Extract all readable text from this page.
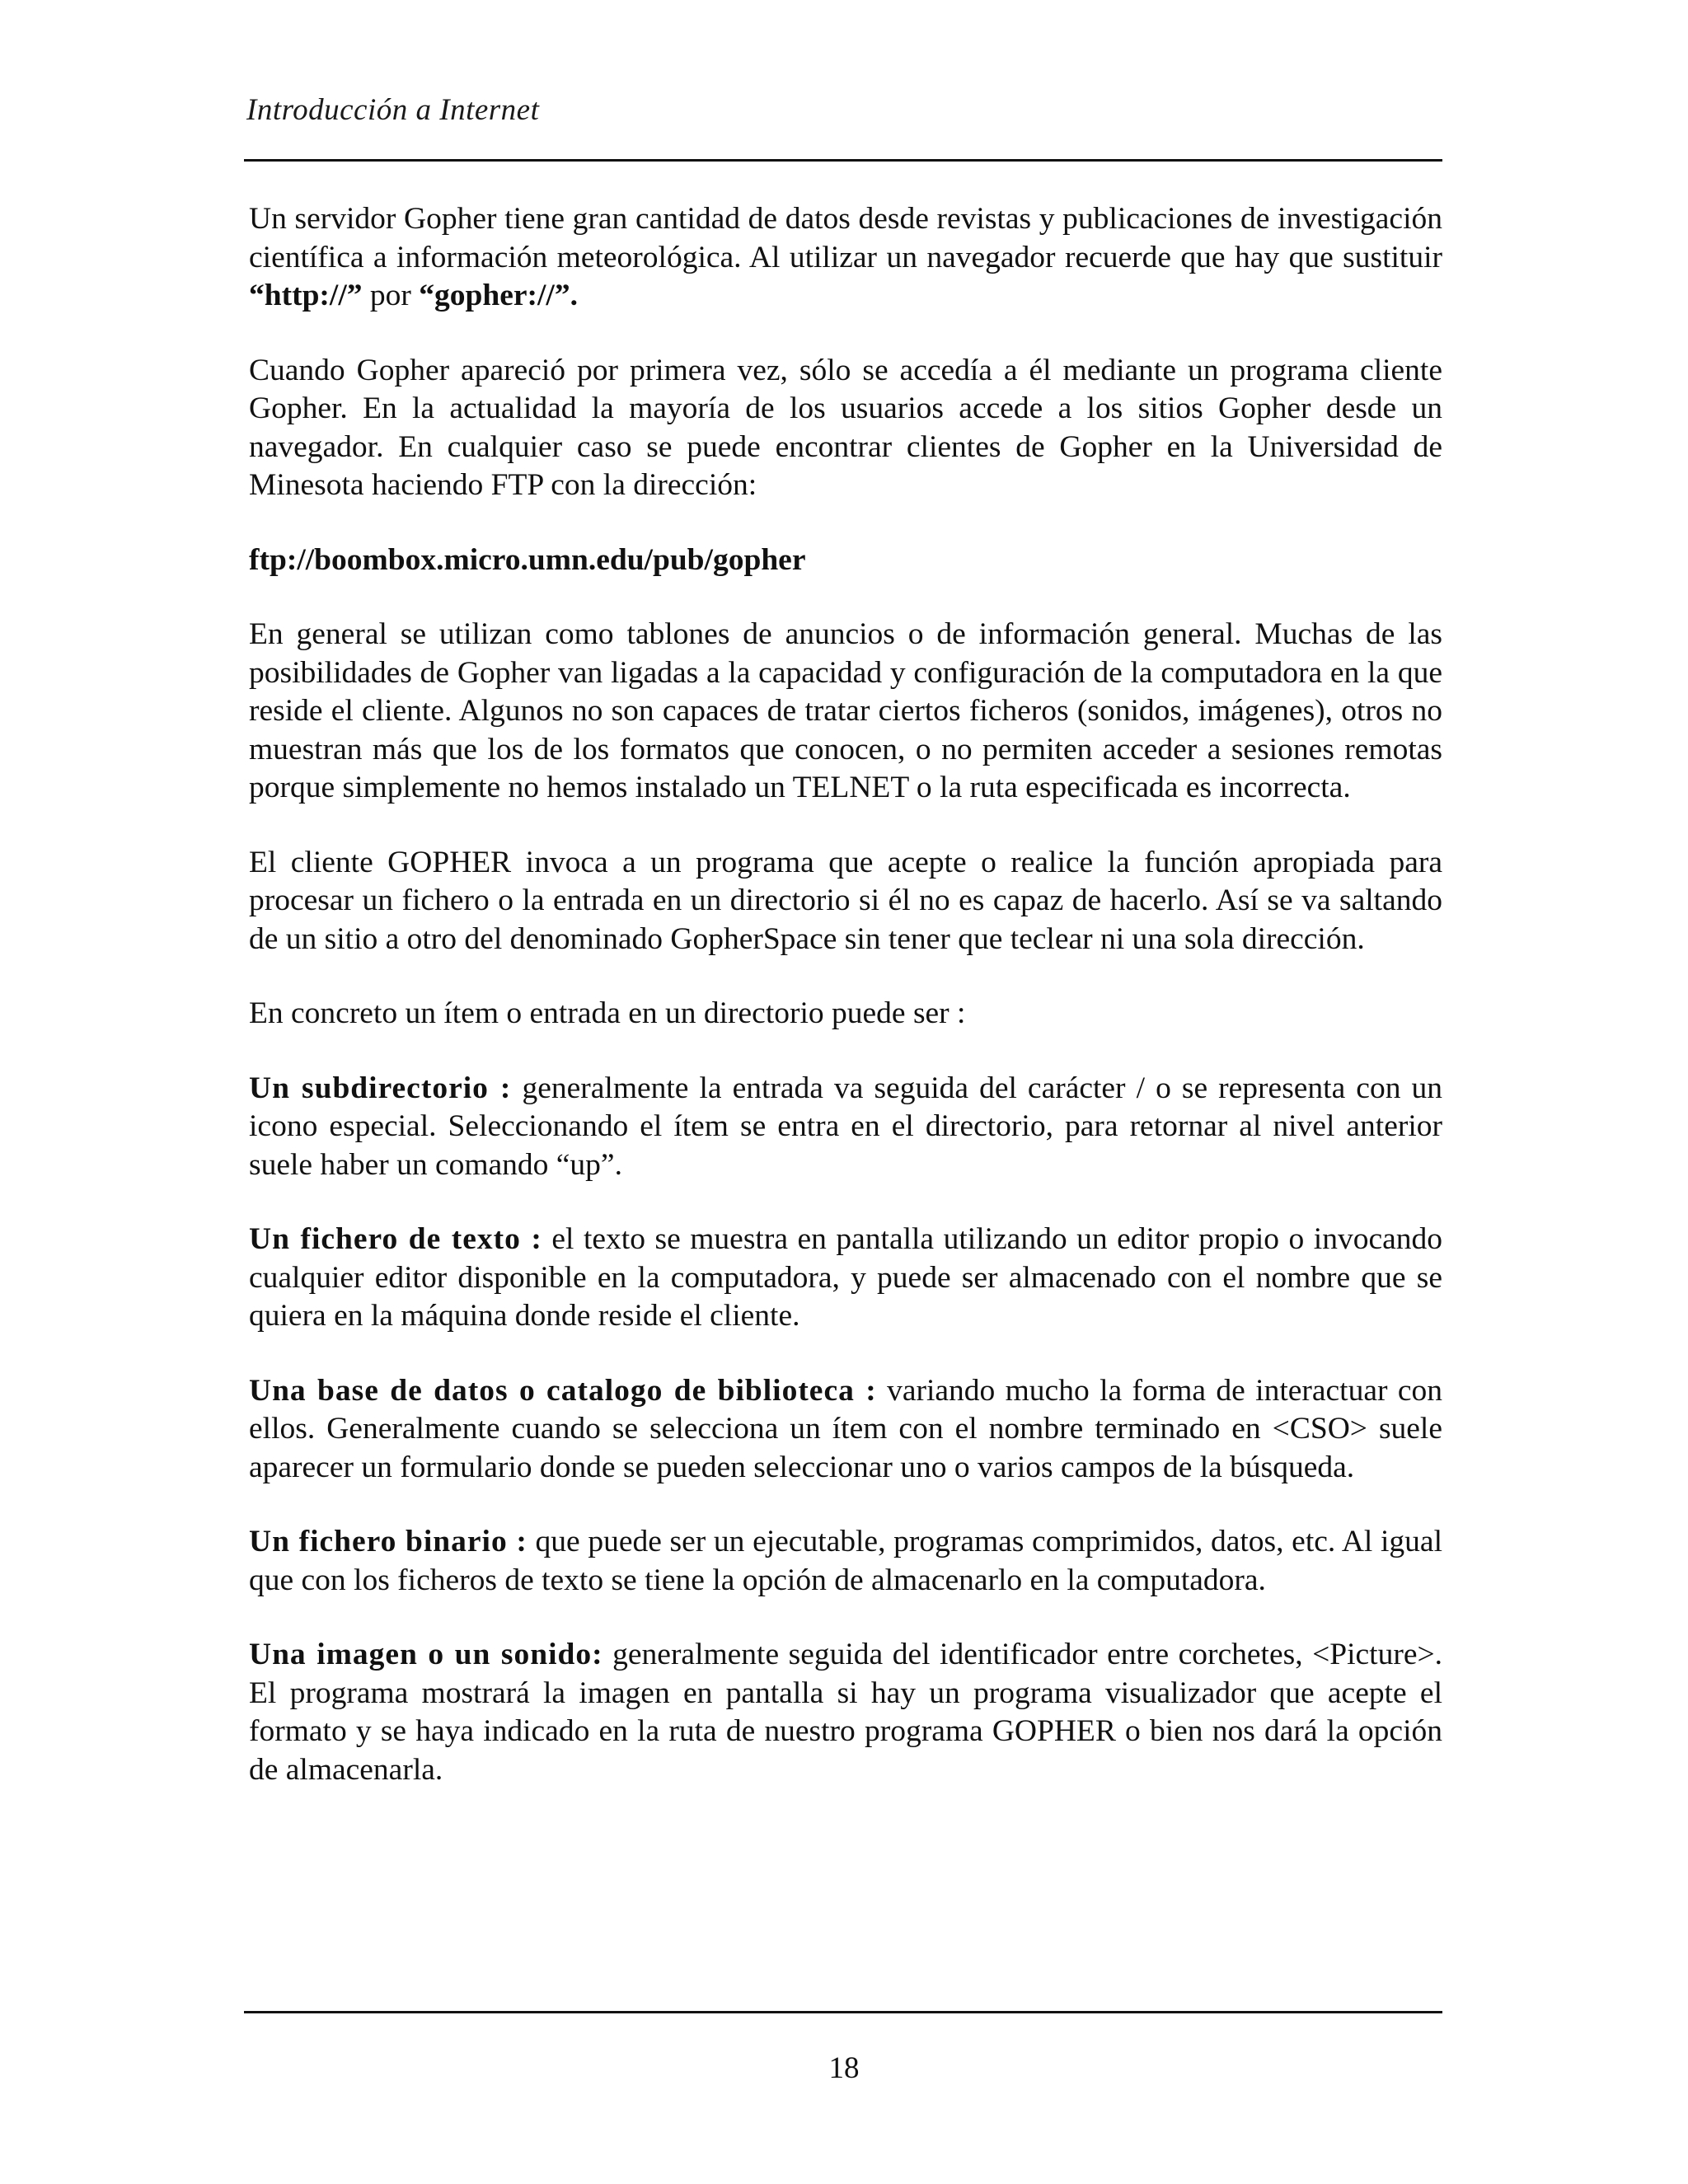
Introducción a Internet

Un servidor Gopher tiene gran cantidad de datos desde revistas y publicaciones de investigación científica a información meteorológica. Al utilizar un navegador recuerde que hay que sustituir “http://” por “gopher://”.

Cuando Gopher apareció por primera vez, sólo se accedía a él mediante un programa cliente Gopher. En la actualidad la mayoría de los usuarios accede a los sitios Gopher desde un navegador. En cualquier caso se puede encontrar clientes de Gopher en la Universidad de Minesota haciendo FTP con la dirección:

ftp://boombox.micro.umn.edu/pub/gopher

En general se utilizan como tablones de anuncios o de información general. Muchas de las posibilidades de Gopher van ligadas a la capacidad y configuración de la computadora en la que reside el cliente. Algunos no son capaces de tratar ciertos ficheros (sonidos, imágenes), otros no muestran más que los de los formatos que conocen, o no permiten acceder a sesiones remotas porque simplemente no hemos instalado un TELNET o la ruta especificada es incorrecta.

El cliente GOPHER invoca a un programa que acepte o realice la función apropiada para procesar un fichero o la entrada en un directorio si él no es capaz de hacerlo. Así se va saltando de un sitio a otro del denominado GopherSpace sin tener que teclear ni una sola dirección.

En concreto un ítem o entrada en un directorio puede ser :

Un subdirectorio : generalmente la entrada va seguida del carácter / o se representa con un icono especial. Seleccionando el ítem se entra en el directorio, para retornar al nivel anterior suele haber un comando “up”.

Un fichero de texto : el texto se muestra en pantalla utilizando un editor propio o invocando cualquier editor disponible en la computadora, y puede ser almacenado con el nombre que se quiera en la máquina donde reside el cliente.

Una base de datos o catalogo de biblioteca : variando mucho la forma de interactuar con ellos. Generalmente cuando se selecciona un ítem con el nombre terminado en <CSO> suele aparecer un formulario donde se pueden seleccionar uno o varios campos de la búsqueda.

Un fichero binario : que puede ser un ejecutable, programas comprimidos, datos, etc. Al igual que con los ficheros de texto se tiene la opción de almacenarlo en la computadora.

Una imagen o un sonido: generalmente seguida del identificador entre corchetes, <Picture>. El programa mostrará la imagen en pantalla si hay un programa visualizador que acepte el formato y se haya indicado en la ruta de nuestro programa GOPHER o bien nos dará la opción de almacenarla.

18
